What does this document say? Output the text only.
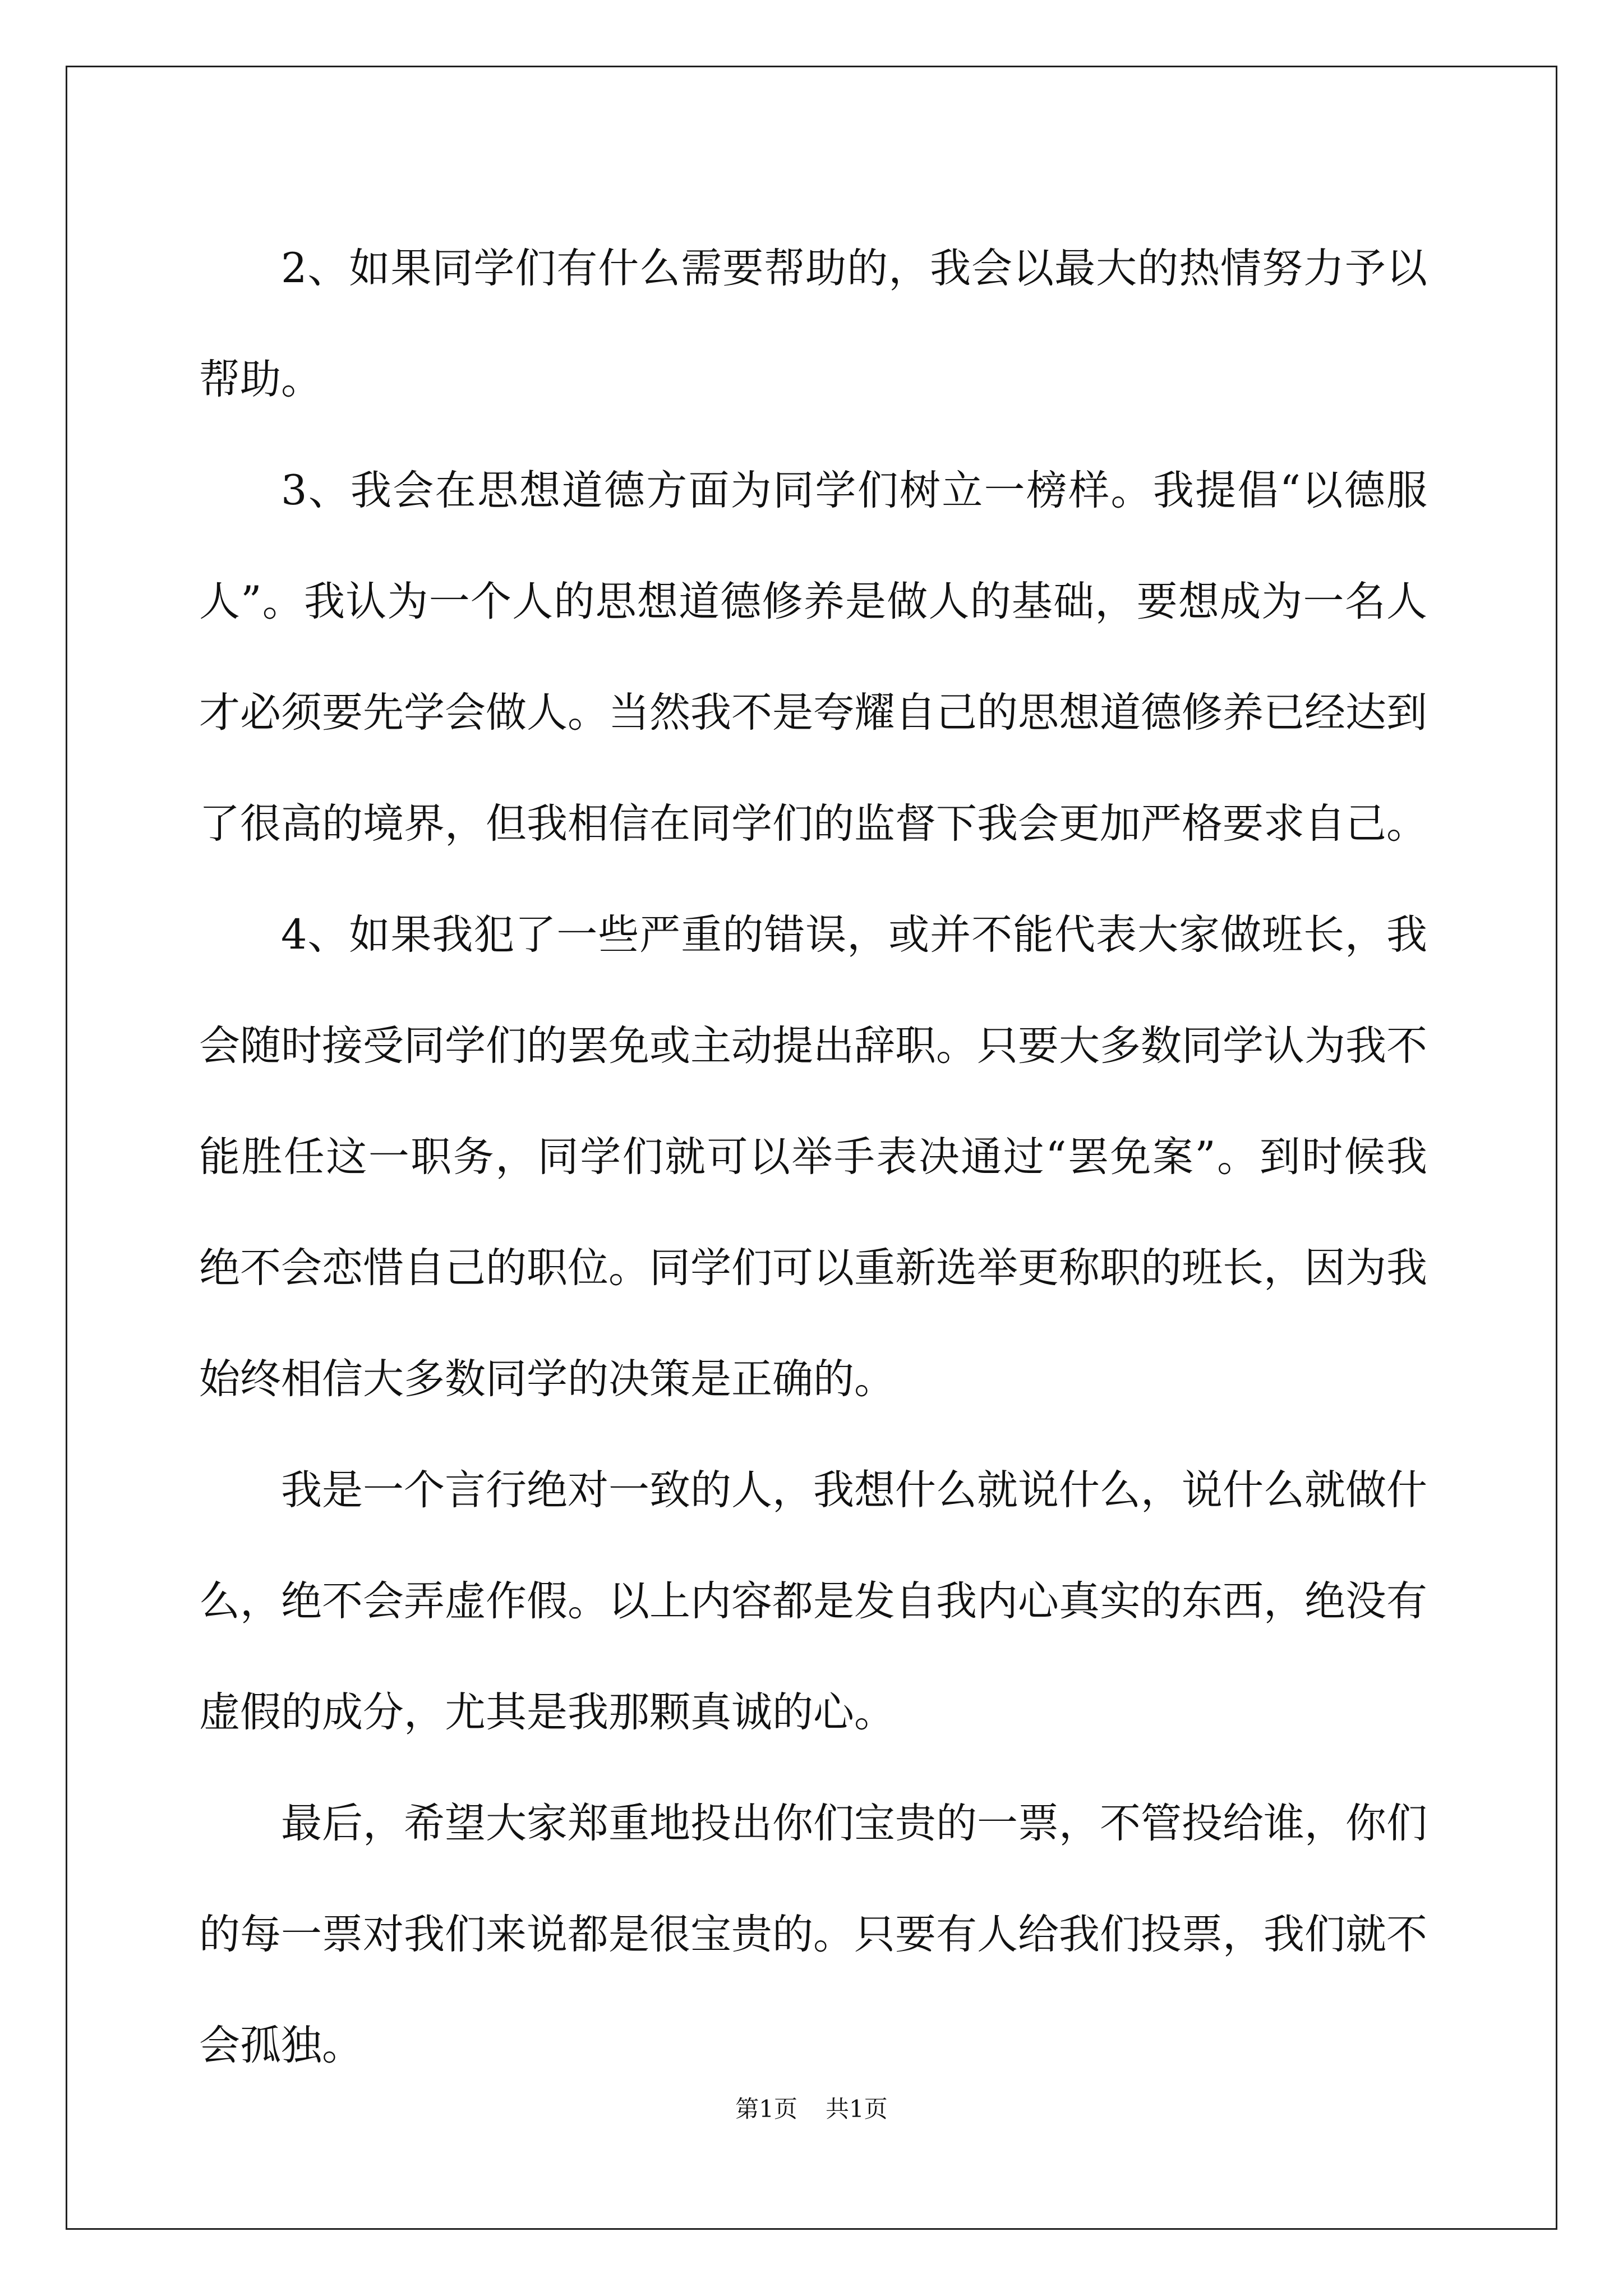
2、如果同学们有什么需要帮助的，我会以最大的热情努力予以帮助。

3、我会在思想道德方面为同学们树立一榜样。我提倡“以德服人”。我认为一个人的思想道德修养是做人的基础，要想成为一名人才必须要先学会做人。当然我不是夸耀自己的思想道德修养已经达到了很高的境界，但我相信在同学们的监督下我会更加严格要求自己。

4、如果我犯了一些严重的错误，或并不能代表大家做班长，我会随时接受同学们的罢免或主动提出辞职。只要大多数同学认为我不能胜任这一职务，同学们就可以举手表决通过“罢免案”。到时候我绝不会恋惜自己的职位。同学们可以重新选举更称职的班长，因为我始终相信大多数同学的决策是正确的。

我是一个言行绝对一致的人，我想什么就说什么，说什么就做什么，绝不会弄虚作假。以上内容都是发自我内心真实的东西，绝没有虚假的成分，尤其是我那颗真诚的心。

最后，希望大家郑重地投出你们宝贵的一票，不管投给谁，你们的每一票对我们来说都是很宝贵的。只要有人给我们投票，我们就不会孤独。

第1页 共1页
